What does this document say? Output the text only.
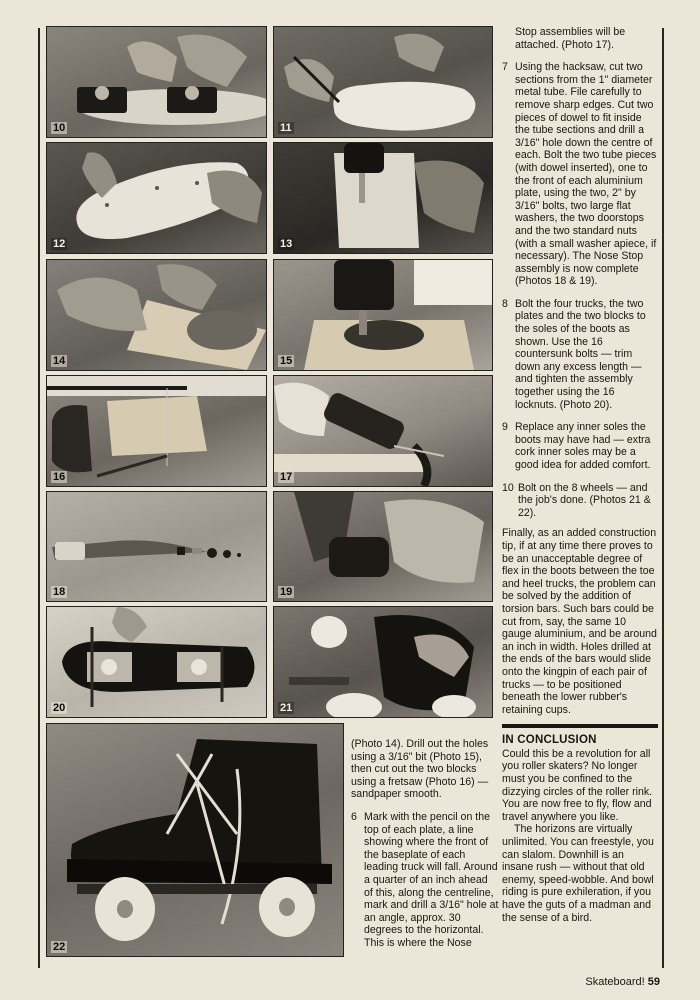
10	11
12	13
14	15
16	17
18	19
20	21
22

(Photo 14). Drill out the holes using a 3/16" bit (Photo 15), then cut out the two blocks using a fretsaw (Photo 16) — sandpaper smooth.

6 Mark with the pencil on the top of each plate, a line showing where the front of the baseplate of each leading truck will fall. Around a quarter of an inch ahead of this, along the centreline, mark and drill a 3/16" hole at an angle, approx. 30 degrees to the horizontal. This is where the Nose

Stop assemblies will be attached. (Photo 17).

7 Using the hacksaw, cut two sections from the 1" diameter metal tube. File carefully to remove sharp edges. Cut two pieces of dowel to fit inside the tube sections and drill a 3/16" hole down the centre of each. Bolt the two tube pieces (with dowel inserted), one to the front of each aluminium plate, using the two, 2" by 3/16" bolts, two large flat washers, the two doorstops and the two standard nuts (with a small washer apiece, if necessary). The Nose Stop assembly is now complete (Photos 18 & 19).
8 Bolt the four trucks, the two plates and the two blocks to the soles of the boots as shown. Use the 16 countersunk bolts — trim down any excess length — and tighten the assembly together using the 16 locknuts. (Photo 20).
9 Replace any inner soles the boots may have had — extra cork inner soles may be a good idea for added comfort.
10 Bolt on the 8 wheels — and the job's done. (Photos 21 & 22).

Finally, as an added construction tip, if at any time there proves to be an unacceptable degree of flex in the boots between the toe and heel trucks, the problem can be solved by the addition of torsion bars. Such bars could be cut from, say, the same 10 gauge aluminium, and be around an inch in width. Holes drilled at the ends of the bars would slide onto the kingpin of each pair of trucks — to be positioned beneath the lower rubber's retaining cups.

IN CONCLUSION

Could this be a revolution for all you roller skaters? No longer must you be confined to the dizzying circles of the roller rink. You are now free to fly, flow and travel anywhere you like.

The horizons are virtually unlimited. You can freestyle, you can slalom. Downhill is an insane rush — without that old enemy, speed-wobble. And bowl riding is pure exhileration, if you have the guts of a madman and the sense of a bird.

Skateboard! 59
